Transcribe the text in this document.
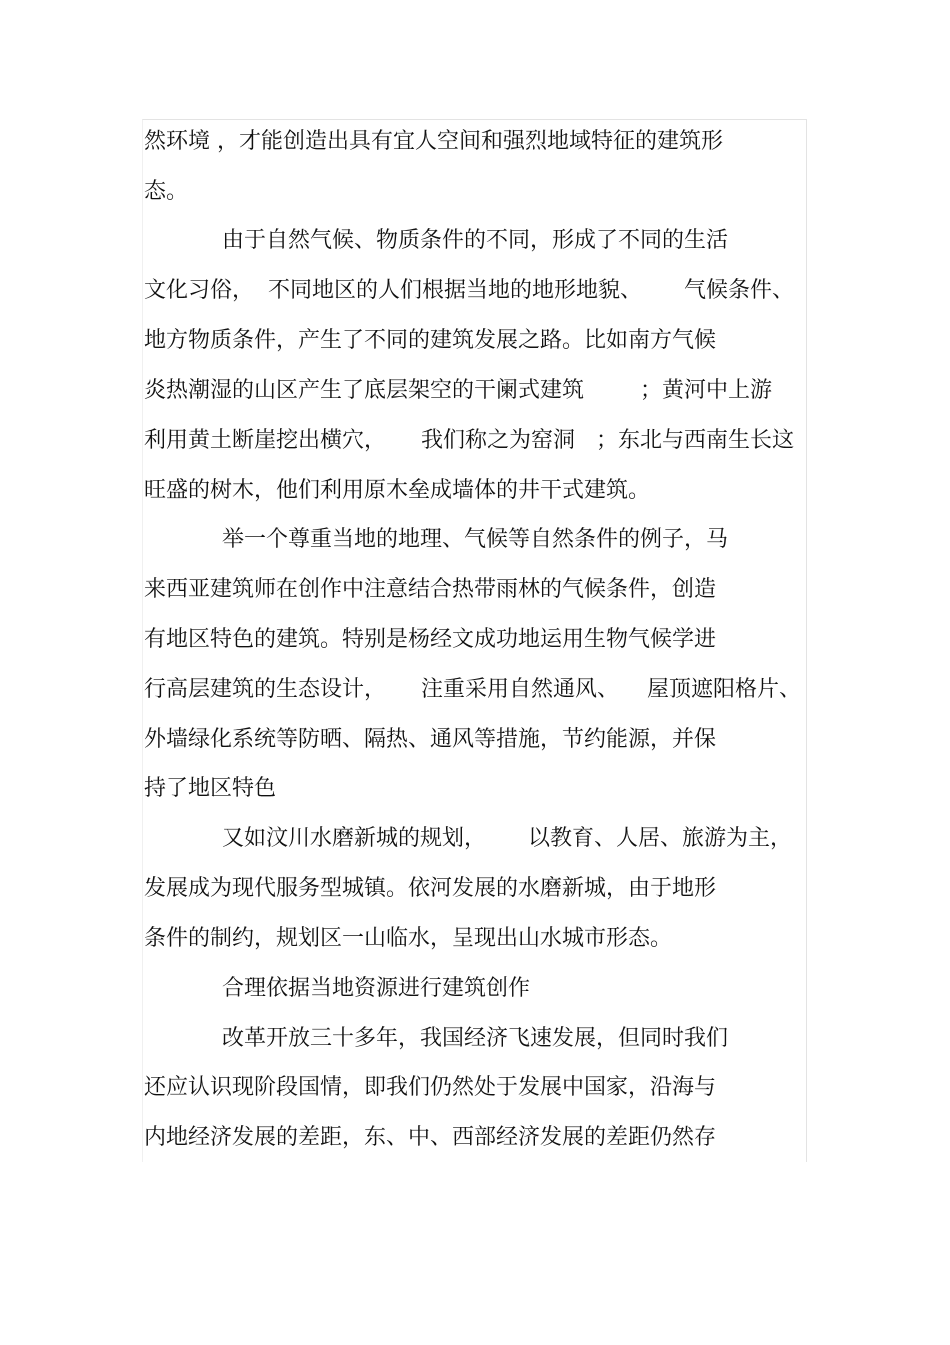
然环境 ，才能创造出具有宜人空间和强烈地域特征的建筑形
态。
由于自然气候、物质条件的不同，形成了不同的生活
文化习俗，  不同地区的人们根据当地的地形地貌、      气候条件、
地方物质条件，产生了不同的建筑发展之路。比如南方气候
炎热潮湿的山区产生了底层架空的干阑式建筑        ；黄河中上游
利用黄土断崖挖出横穴，     我们称之为窑洞   ；东北与西南生长这
旺盛的树木，他们利用原木垒成墙体的井干式建筑。
举一个尊重当地的地理、气候等自然条件的例子，马
来西亚建筑师在创作中注意结合热带雨林的气候条件，创造
有地区特色的建筑。特别是杨经文成功地运用生物气候学进
行高层建筑的生态设计，     注重采用自然通风、    屋顶遮阳格片、
外墙绿化系统等防晒、隔热、通风等措施，节约能源，并保
持了地区特色
又如汶川水磨新城的规划，      以教育、人居、旅游为主，
发展成为现代服务型城镇。依河发展的水磨新城，由于地形
条件的制约，规划区一山临水，呈现出山水城市形态。
合理依据当地资源进行建筑创作
改革开放三十多年，我国经济飞速发展，但同时我们
还应认识现阶段国情，即我们仍然处于发展中国家，沿海与
内地经济发展的差距，东、中、西部经济发展的差距仍然存
